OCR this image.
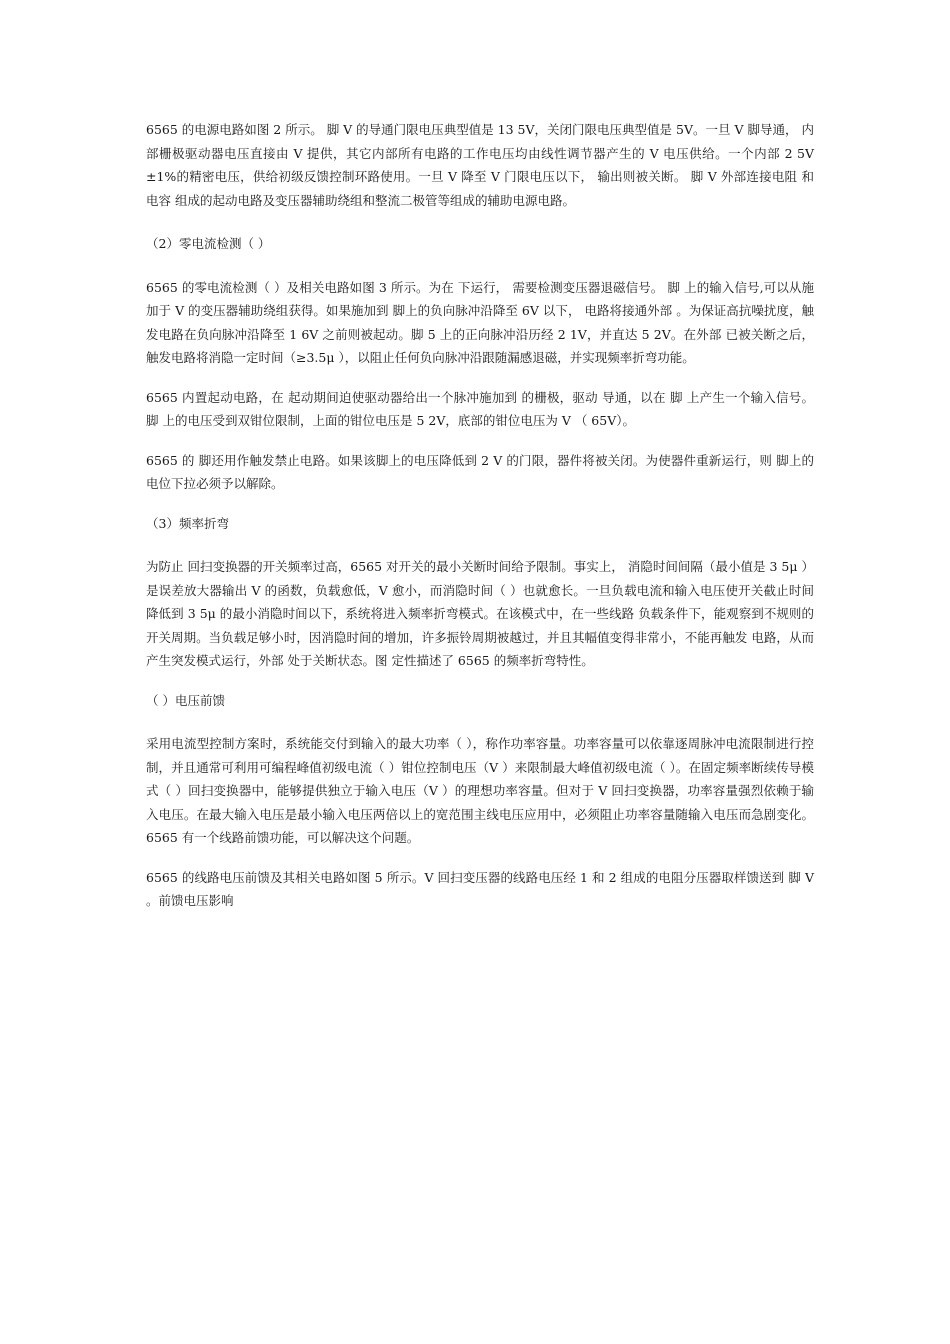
6565 的电源电路如图 2 所示。 脚 V 的导通门限电压典型值是 13 5V，关闭门限电压典型值是 5V。一旦 V 脚导通， 内部栅极驱动器电压直接由 V 提供，其它内部所有电路的工作电压均由线性调节器产生的 V 电压供给。一个内部 2 5V±1%的精密电压，供给初级反馈控制环路使用。一旦 V 降至 V 门限电压以下， 输出则被关断。 脚 V 外部连接电阻 和电容 组成的起动电路及变压器辅助绕组和整流二极管等组成的辅助电源电路。

（2）零电流检测（ ）

6565 的零电流检测（ ）及相关电路如图 3 所示。为在 下运行， 需要检测变压器退磁信号。 脚 上的输入信号,可以从施加于 V 的变压器辅助绕组获得。如果施加到 脚上的负向脉冲沿降至 6V 以下， 电路将接通外部 。为保证高抗噪扰度，触发电路在负向脉冲沿降至 1 6V 之前则被起动。脚 5 上的正向脉冲沿历经 2 1V，并直达 5 2V。在外部 已被关断之后，触发电路将消隐一定时间（≥3.5μ ），以阻止任何负向脉冲沿跟随漏感退磁，并实现频率折弯功能。

6565 内置起动电路，在 起动期间迫使驱动器给出一个脉冲施加到 的栅极，驱动 导通，以在 脚 上产生一个输入信号。 脚 上的电压受到双钳位限制，上面的钳位电压是 5 2V，底部的钳位电压为 V （ 65V）。

6565 的 脚还用作触发禁止电路。如果该脚上的电压降低到 2 V 的门限，器件将被关闭。为使器件重新运行，则 脚上的电位下拉必须予以解除。

（3）频率折弯

为防止 回扫变换器的开关频率过高，6565 对开关的最小关断时间给予限制。事实上， 消隐时间间隔（最小值是 3 5μ ）是误差放大器输出 V 的函数，负载愈低，V 愈小，而消隐时间（ ）也就愈长。一旦负载电流和输入电压使开关截止时间降低到 3 5μ 的最小消隐时间以下，系统将进入频率折弯模式。在该模式中，在一些线路 负载条件下，能观察到不规则的开关周期。当负载足够小时，因消隐时间的增加，许多振铃周期被越过，并且其幅值变得非常小，不能再触发 电路，从而产生突发模式运行，外部 处于关断状态。图 定性描述了 6565 的频率折弯特性。

（ ）电压前馈

采用电流型控制方案时，系统能交付到输入的最大功率（ ），称作功率容量。功率容量可以依靠逐周脉冲电流限制进行控制，并且通常可利用可编程峰值初级电流（ ）钳位控制电压（V ）来限制最大峰值初级电流（ ）。在固定频率断续传导模式（ ）回扫变换器中，能够提供独立于输入电压（V ）的理想功率容量。但对于 V 回扫变换器，功率容量强烈依赖于输入电压。在最大输入电压是最小输入电压两倍以上的宽范围主线电压应用中，必须阻止功率容量随输入电压而急剧变化。6565 有一个线路前馈功能，可以解决这个问题。

6565 的线路电压前馈及其相关电路如图 5 所示。V 回扫变压器的线路电压经 1 和 2 组成的电阻分压器取样馈送到 脚 V 。前馈电压影响
